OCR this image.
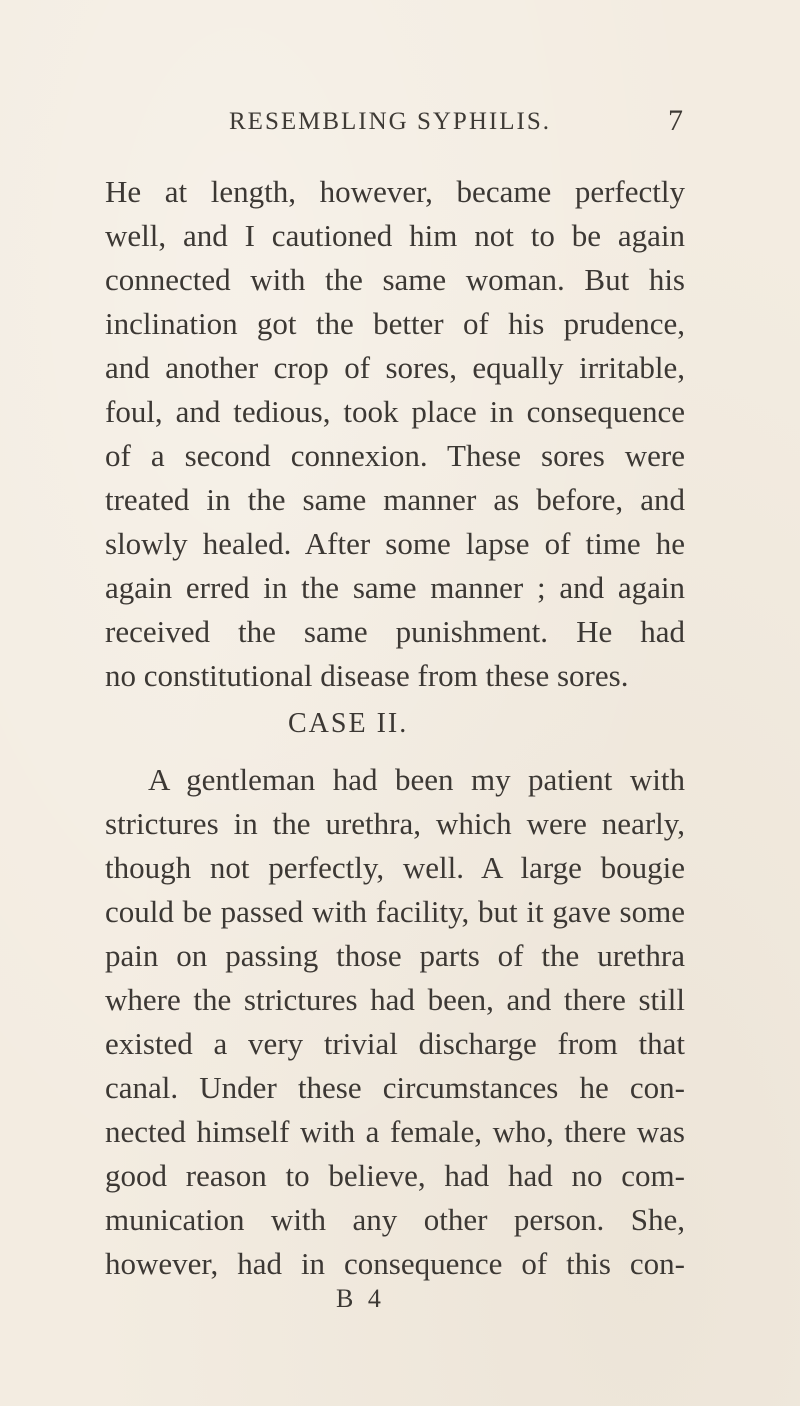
RESEMBLING SYPHILIS.	7
He at length, however, became perfectly
well, and I cautioned him not to be again
connected with the same woman. But his
inclination got the better of his prudence,
and another crop of sores, equally irritable,
foul, and tedious, took place in consequence
of a second connexion. These sores were
treated in the same manner as before, and
slowly healed. After some lapse of time he
again erred in the same manner ; and again
received the same punishment. He had
no constitutional disease from these sores.
CASE II.
A gentleman had been my patient with
strictures in the urethra, which were nearly,
though not perfectly, well. A large bougie
could be passed with facility, but it gave some
pain on passing those parts of the urethra
where the strictures had been, and there still
existed a very trivial discharge from that
canal. Under these circumstances he con-
nected himself with a female, who, there was
good reason to believe, had had no com-
munication with any other person. She,
however, had in consequence of this con-
B 4
